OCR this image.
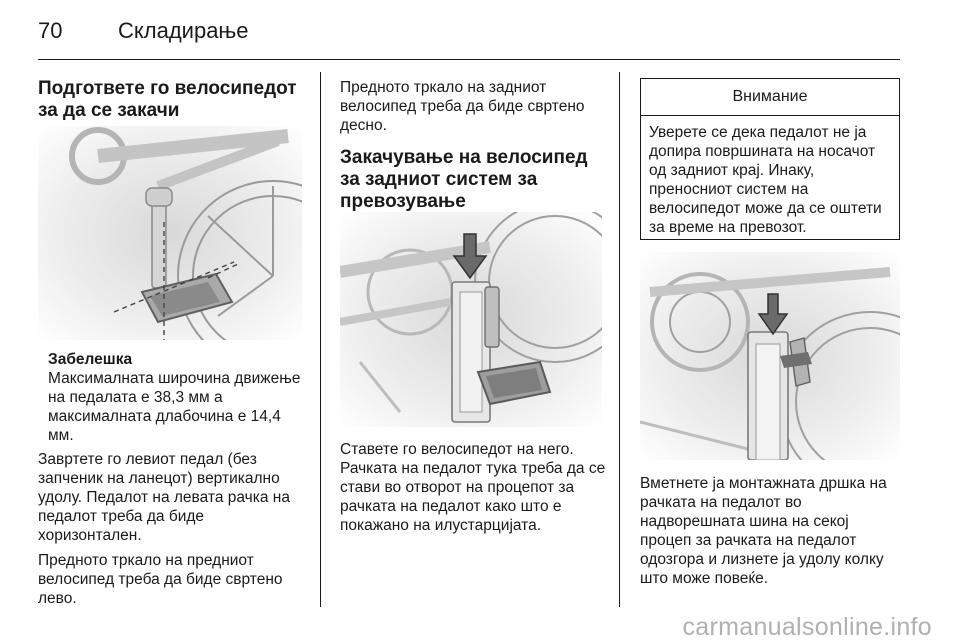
70	Складирање
Подгответе го велосипедот за да се закачи
Забелешка

Максималната широчина движење на педалата е 38,3 мм а максималната длабочина е 14,4 мм.

Завртете го левиот педал (без запченик на ланецот) вертикално удолу. Педалот на левата рачка на педалот треба да биде хоризонтален.

Предното тркало на предниот велосипед треба да биде свртено лево.

Предното тркало на задниот велосипед треба да биде свртено десно.

Закачување на велосипед за задниот систем за превозување

Ставете го велосипедот на него. Рачката на педалот тука треба да се стави во отворот на процепот за рачката на педалот како што е покажано на илустарцијата.

Внимание
Уверете се дека педалот не ја допира површината на носачот од задниот крај. Инаку, преносниот систем на велосипедот може да се оштети за време на превозот.

Вметнете ја монтажната дршка на рачката на педалот во надворешната шина на секој процеп за рачката на педалот одозгора и лизнете ја удолу колку што може повеќе.

carmanualsonline.info
